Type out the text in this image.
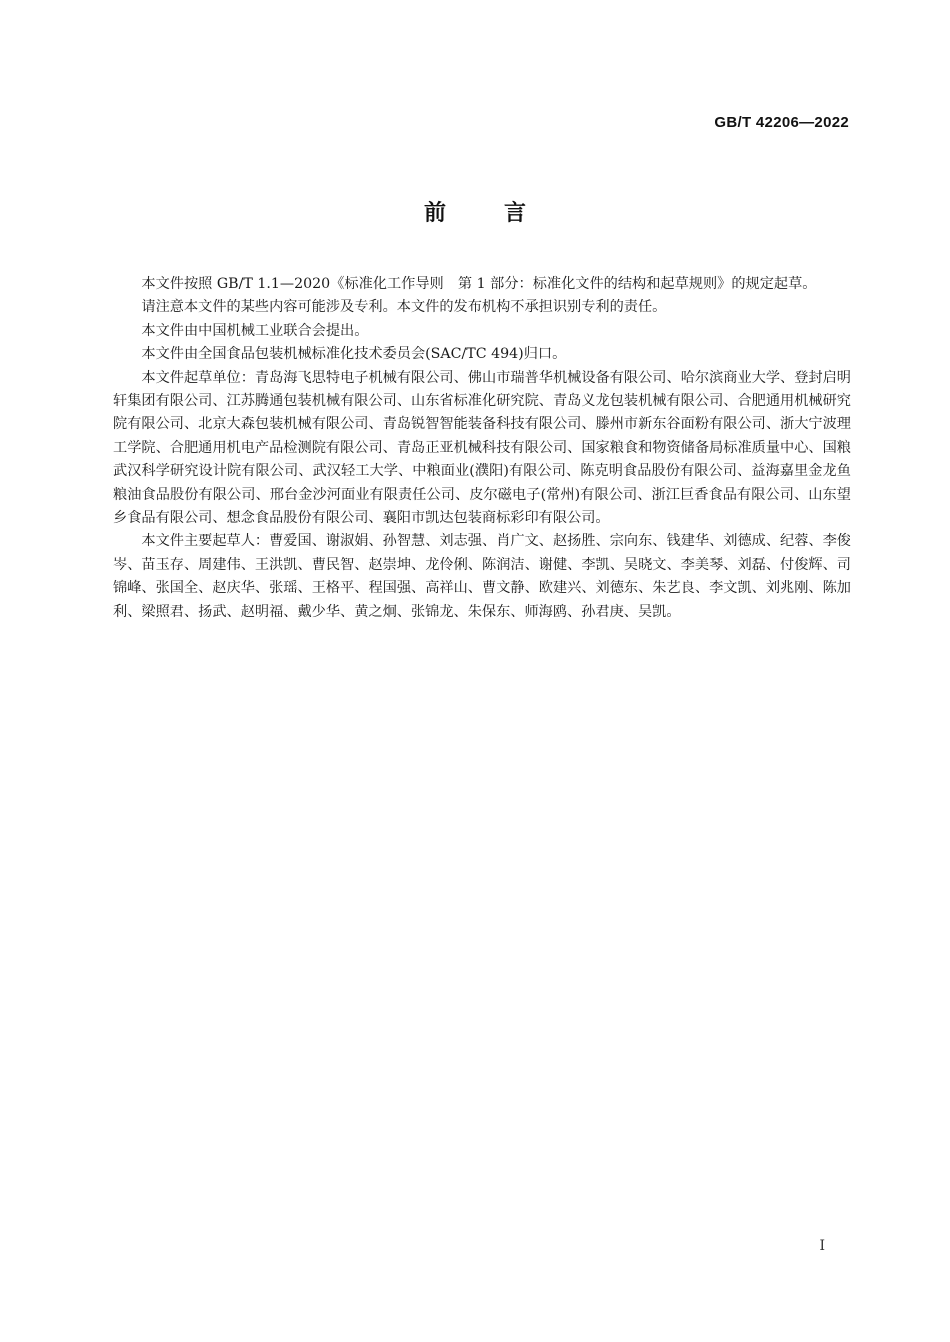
GB/T 42206—2022
前言

本文件按照 GB/T 1.1—2020《标准化工作导则　第 1 部分：标准化文件的结构和起草规则》的规定起草。

请注意本文件的某些内容可能涉及专利。本文件的发布机构不承担识别专利的责任。

本文件由中国机械工业联合会提出。

本文件由全国食品包装机械标准化技术委员会(SAC/TC 494)归口。

本文件起草单位：青岛海飞思特电子机械有限公司、佛山市瑞普华机械设备有限公司、哈尔滨商业大学、登封启明轩集团有限公司、江苏腾通包装机械有限公司、山东省标准化研究院、青岛义龙包装机械有限公司、合肥通用机械研究院有限公司、北京大森包装机械有限公司、青岛锐智智能装备科技有限公司、滕州市新东谷面粉有限公司、浙大宁波理工学院、合肥通用机电产品检测院有限公司、青岛正亚机械科技有限公司、国家粮食和物资储备局标准质量中心、国粮武汉科学研究设计院有限公司、武汉轻工大学、中粮面业(濮阳)有限公司、陈克明食品股份有限公司、益海嘉里金龙鱼粮油食品股份有限公司、邢台金沙河面业有限责任公司、皮尔磁电子(常州)有限公司、浙江巨香食品有限公司、山东望乡食品有限公司、想念食品股份有限公司、襄阳市凯达包装商标彩印有限公司。

本文件主要起草人：曹爱国、谢淑娟、孙智慧、刘志强、肖广文、赵扬胜、宗向东、钱建华、刘德成、纪蓉、李俊岑、苗玉存、周建伟、王洪凯、曹民智、赵崇坤、龙伶俐、陈润洁、谢健、李凯、吴晓文、李美琴、刘磊、付俊辉、司锦峰、张国全、赵庆华、张瑶、王格平、程国强、高祥山、曹文静、欧建兴、刘德东、朱艺良、李文凯、刘兆刚、陈加利、梁照君、扬武、赵明福、戴少华、黄之炯、张锦龙、朱保东、师海鸥、孙君庚、吴凯。

I
